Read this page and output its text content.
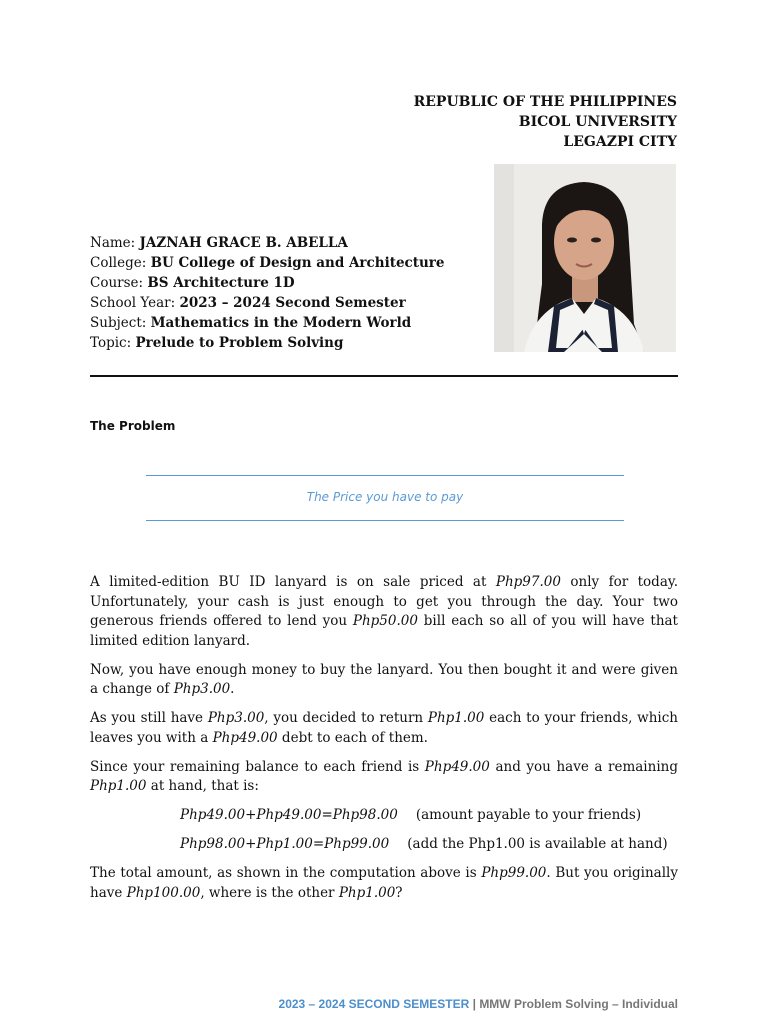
REPUBLIC OF THE PHILIPPINES
BICOL UNIVERSITY
LEGAZPI CITY
Name: JAZNAH GRACE B. ABELLA
College: BU College of Design and Architecture
Course: BS Architecture 1D
School Year: 2023 – 2024 Second Semester
Subject: Mathematics in the Modern World
Topic: Prelude to Problem Solving
The Problem
The Price you have to pay

A limited-edition BU ID lanyard is on sale priced at Php97.00 only for today. Unfortunately, your cash is just enough to get you through the day. Your two generous friends offered to lend you Php50.00 bill each so all of you will have that limited edition lanyard.

Now, you have enough money to buy the lanyard. You then bought it and were given a change of Php3.00.

As you still have Php3.00, you decided to return Php1.00 each to your friends, which leaves you with a Php49.00 debt to each of them.

Since your remaining balance to each friend is Php49.00 and you have a remaining Php1.00 at hand, that is:

Php49.00+Php49.00=Php98.00 (amount payable to your friends)
Php98.00+Php1.00=Php99.00 (add the Php1.00 is available at hand)

The total amount, as shown in the computation above is Php99.00. But you originally have Php100.00, where is the other Php1.00?

2023 – 2024 SECOND SEMESTER | MMW Problem Solving – Individual
